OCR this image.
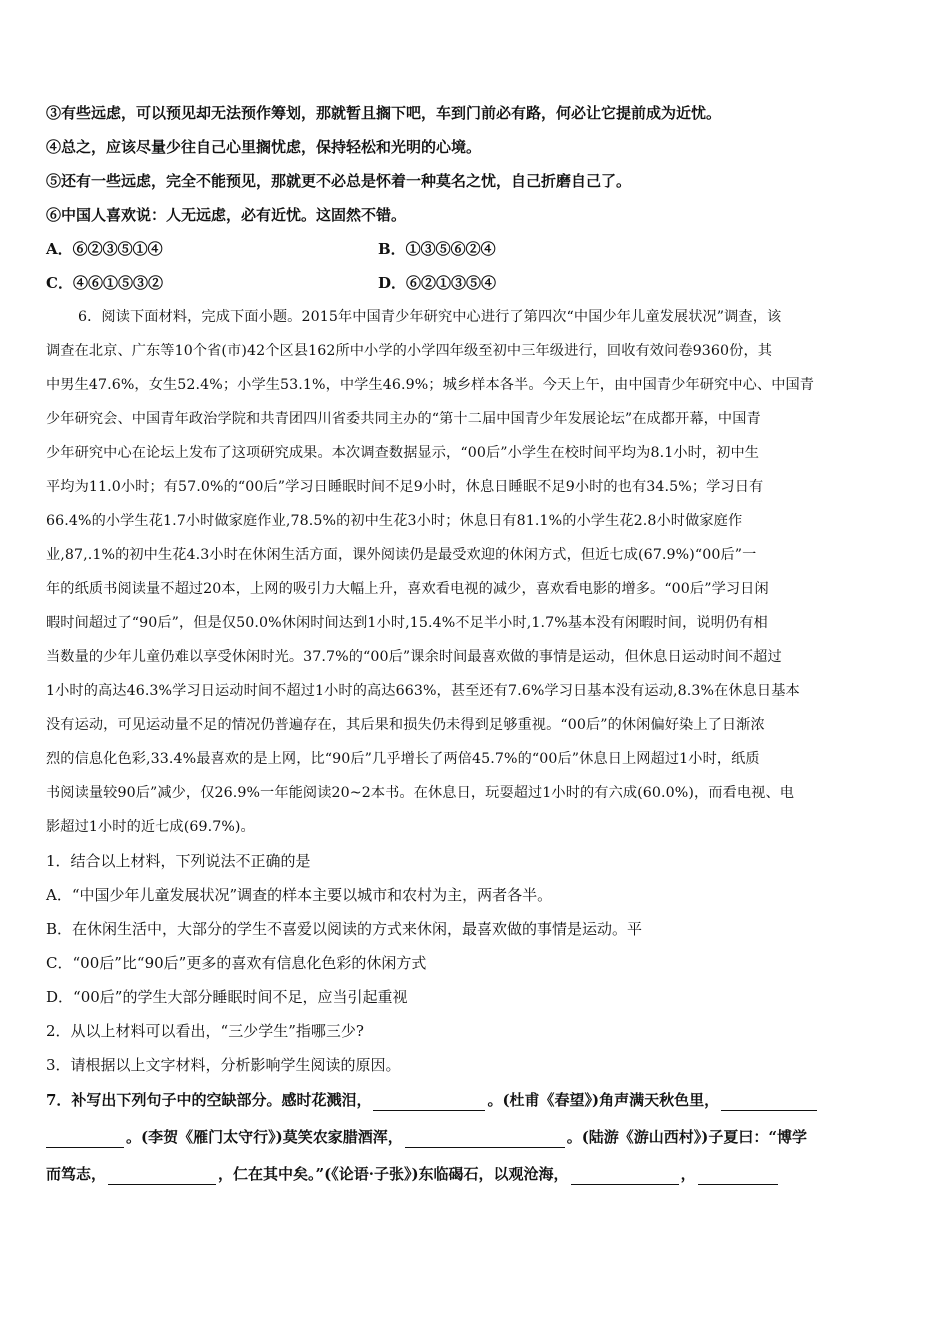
③有些远虑，可以预见却无法预作筹划，那就暂且搁下吧，车到门前必有路，何必让它提前成为近忧。
④总之，应该尽量少往自己心里搁忧虑，保持轻松和光明的心境。
⑤还有一些远虑，完全不能预见，那就更不必总是怀着一种莫名之忧，自己折磨自己了。
⑥中国人喜欢说：人无远虑，必有近忧。这固然不错。
A．⑥②③⑤①④	B．①③⑤⑥②④
C．④⑥①⑤③②	D．⑥②①③⑤④
6．阅读下面材料，完成下面小题。2015年中国青少年研究中心进行了第四次“中国少年儿童发展状况”调查，该
调查在北京、广东等10个省(市)42个区县162所中小学的小学四年级至初中三年级进行，回收有效问卷9360份，其
中男生47.6%，女生52.4%；小学生53.1%，中学生46.9%；城乡样本各半。今天上午，由中国青少年研究中心、中国青
少年研究会、中国青年政治学院和共青团四川省委共同主办的“第十二届中国青少年发展论坛”在成都开幕，中国青
少年研究中心在论坛上发布了这项研究成果。本次调查数据显示，“00后”小学生在校时间平均为8.1小时，初中生
平均为11.0小时；有57.0%的“00后”学习日睡眠时间不足9小时，休息日睡眠不足9小时的也有34.5%；学习日有
66.4%的小学生花1.7小时做家庭作业,78.5%的初中生花3小时；休息日有81.1%的小学生花2.8小时做家庭作
业,87,.1%的初中生花4.3小时在休闲生活方面，课外阅读仍是最受欢迎的休闲方式，但近七成(67.9%)“00后”一
年的纸质书阅读量不超过20本，上网的吸引力大幅上升，喜欢看电视的减少，喜欢看电影的增多。“00后”学习日闲
暇时间超过了“90后”，但是仅50.0%休闲时间达到1小时,15.4%不足半小时,1.7%基本没有闲暇时间，说明仍有相
当数量的少年儿童仍难以享受休闲时光。37.7%的“00后”课余时间最喜欢做的事情是运动，但休息日运动时间不超过
1小时的高达46.3%学习日运动时间不超过1小时的高达663%，甚至还有7.6%学习日基本没有运动,8.3%在休息日基本
没有运动，可见运动量不足的情况仍普遍存在，其后果和损失仍未得到足够重视。“00后”的休闲偏好染上了日渐浓
烈的信息化色彩,33.4%最喜欢的是上网，比“90后”几乎增长了两倍45.7%的“00后”休息日上网超过1小时，纸质
书阅读量较90后”减少，仅26.9%一年能阅读20~2本书。在休息日，玩耍超过1小时的有六成(60.0%)，而看电视、电
影超过1小时的近七成(69.7%)。
1．结合以上材料，下列说法不正确的是
A．“中国少年儿童发展状况”调查的样本主要以城市和农村为主，两者各半。
B．在休闲生活中，大部分的学生不喜爱以阅读的方式来休闲，最喜欢做的事情是运动。平
C．“00后”比“90后”更多的喜欢有信息化色彩的休闲方式
D．“00后”的学生大部分睡眠时间不足，应当引起重视
2．从以上材料可以看出，“三少学生”指哪三少?
3．请根据以上文字材料，分析影响学生阅读的原因。
7．补写出下列句子中的空缺部分。感时花溅泪，	。(杜甫《春望》)角声满天秋色里，
。(李贺《雁门太守行》)莫笑农家腊酒浑，	。(陆游《游山西村》)子夏曰：“博学
而笃志，	，仁在其中矣。”(《论语·子张》)东临碣石，以观沧海，	，
